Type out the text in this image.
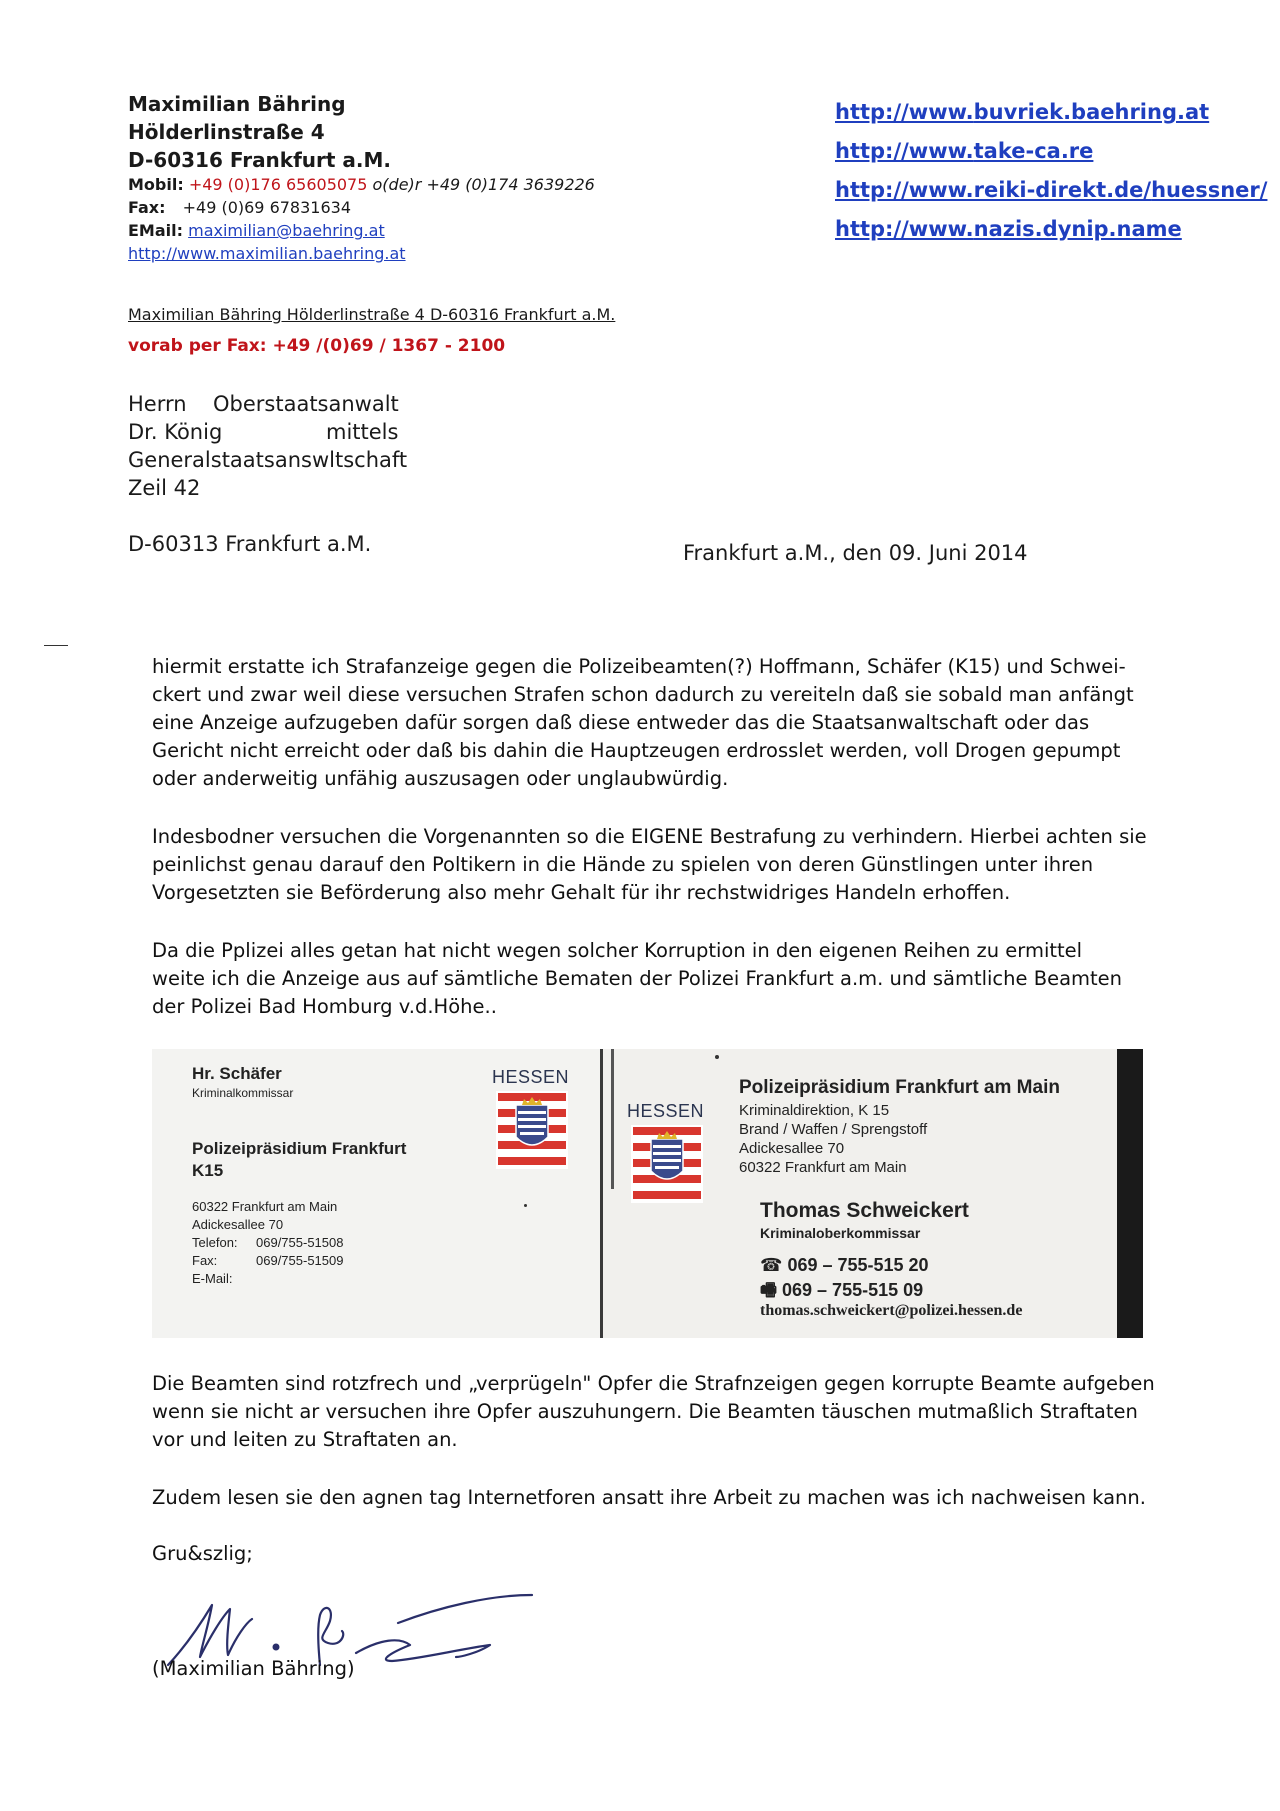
Maximilian Bähring
Hölderlinstraße 4
D-60316 Frankfurt a.M.
Mobil: +49 (0)176 65605075 o(de)r +49 (0)174 3639226
Fax: +49 (0)69 67831634
EMail: maximilian@baehring.at
http://www.maximilian.baehring.at
http://www.buvriek.baehring.at
http://www.take-ca.re
http://www.reiki-direkt.de/huessner/
http://www.nazis.dynip.name
Maximilian Bähring Hölderlinstraße 4 D-60316 Frankfurt a.M.
vorab per Fax: +49 /(0)69 / 1367 - 2100
Herrn Oberstaatsanwalt
Dr. König	mittels
Generalstaatsanswltschaft
Zeil 42
D-60313 Frankfurt a.M.	Frankfurt a.M., den 09. Juni 2014
hiermit erstatte ich Strafanzeige gegen die Polizeibeamten(?) Hoffmann, Schäfer (K15) und Schwei-
ckert und zwar weil diese versuchen Strafen schon dadurch zu vereiteln daß sie sobald man anfängt
eine Anzeige aufzugeben dafür sorgen daß diese entweder das die Staatsanwaltschaft oder das
Gericht nicht erreicht oder daß bis dahin die Hauptzeugen erdrosslet werden, voll Drogen gepumpt
oder anderweitig unfähig auszusagen oder unglaubwürdig.
Indesbodner versuchen die Vorgenannten so die EIGENE Bestrafung zu verhindern. Hierbei achten sie
peinlichst genau darauf den Poltikern in die Hände zu spielen von deren Günstlingen unter ihren
Vorgesetzten sie Beförderung also mehr Gehalt für ihr rechstwidriges Handeln erhoffen.
Da die Pplizei alles getan hat nicht wegen solcher Korruption in den eigenen Reihen zu ermittel
weite ich die Anzeige aus auf sämtliche Bematen der Polizei Frankfurt a.m. und sämtliche Beamten
der Polizei Bad Homburg v.d.Höhe..
Hr. Schäfer
Kriminalkommissar
Polizeipräsidium Frankfurt
K15
60322 Frankfurt am Main
Adickesallee 70
Telefon: 069/755-51508
Fax:	069/755-51509
E-Mail:
HESSEN
HESSEN
Polizeipräsidium Frankfurt am Main
Kriminaldirektion, K 15
Brand / Waffen / Sprengstoff
Adickesallee 70
60322 Frankfurt am Main
Thomas Schweickert
Kriminaloberkommissar
☎ 069 – 755-515 20
🖷 069 – 755-515 09
thomas.schweickert@polizei.hessen.de
Die Beamten sind rotzfrech und „verprügeln" Opfer die Strafnzeigen gegen korrupte Beamte aufgeben
wenn sie nicht ar versuchen ihre Opfer auszuhungern. Die Beamten täuschen mutmaßlich Straftaten
vor und leiten zu Straftaten an.
Zudem lesen sie den agnen tag Internetforen ansatt ihre Arbeit zu machen was ich nachweisen kann.
Gru&szlig;
(Maximilian Bähring)
